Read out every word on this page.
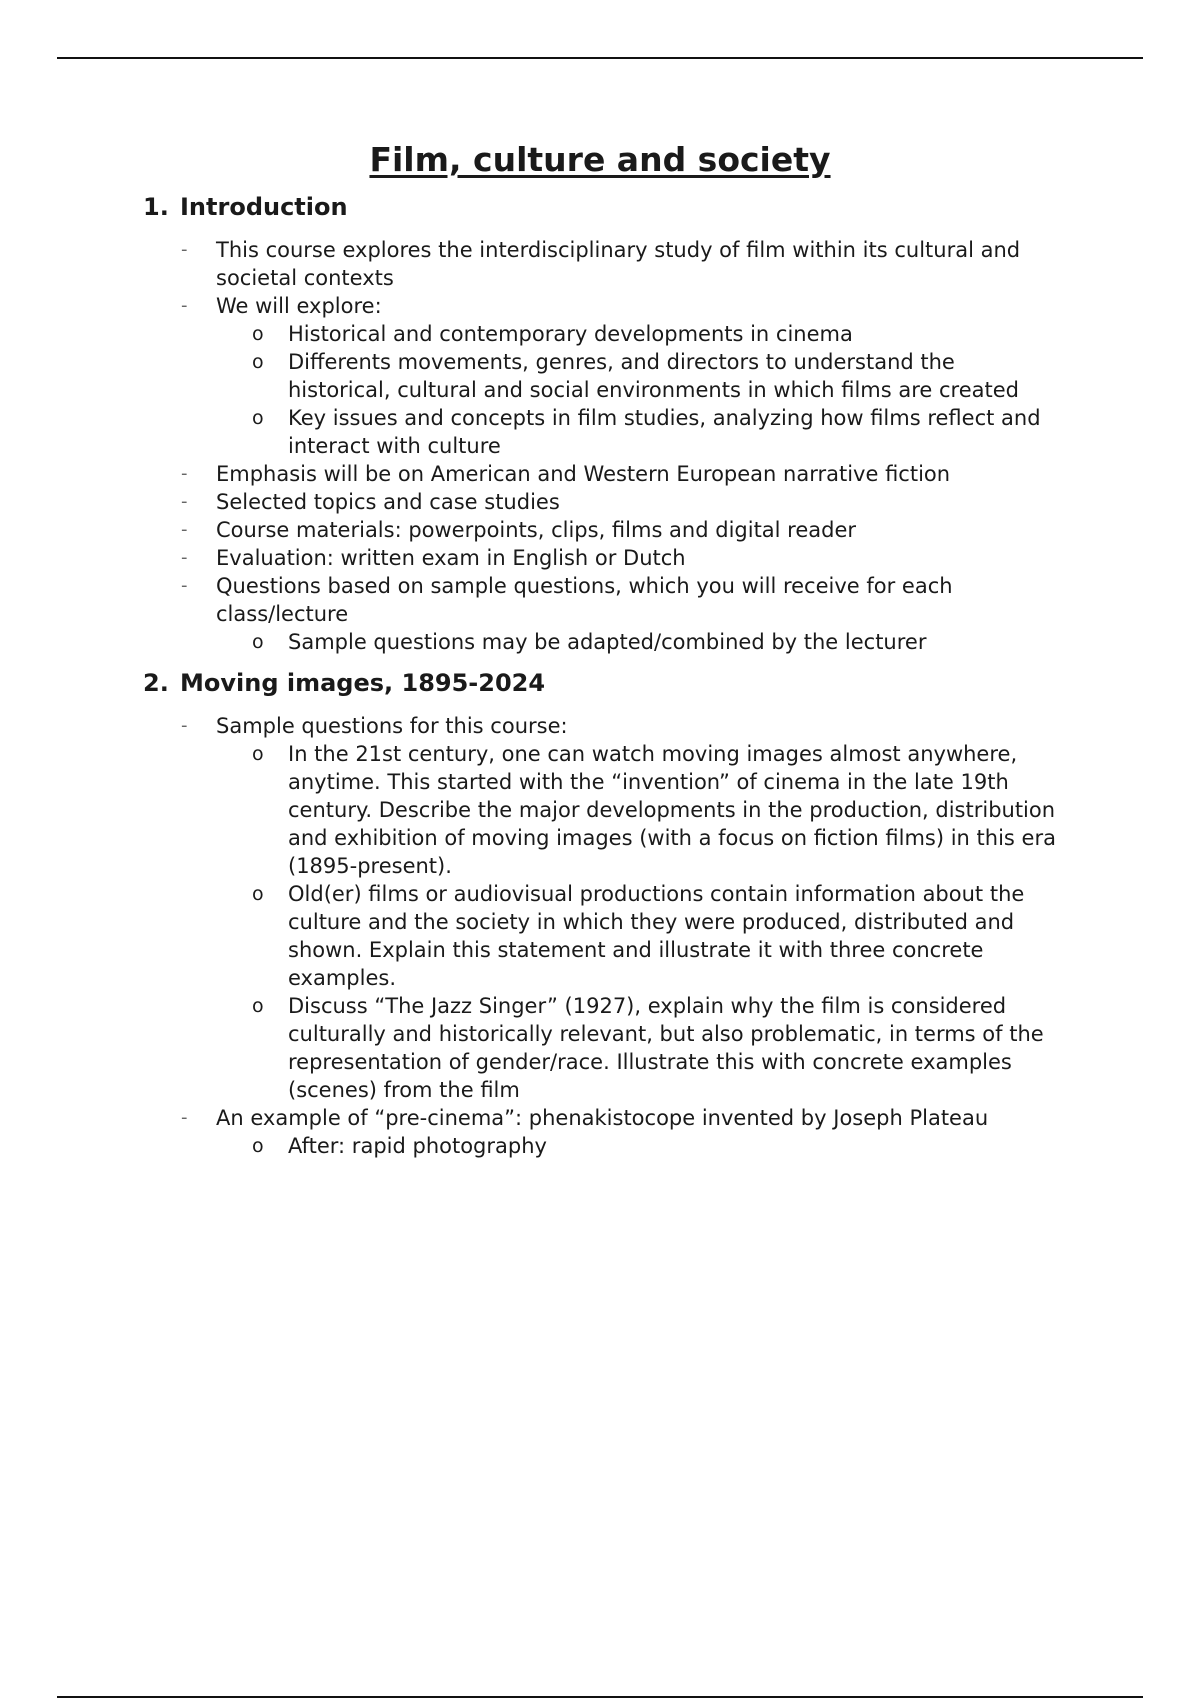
Film, culture and society
1. Introduction
- This course explores the interdisciplinary study of film within its cultural and societal contexts
- We will explore:
o Historical and contemporary developments in cinema
o Differents movements, genres, and directors to understand the historical, cultural and social environments in which films are created
o Key issues and concepts in film studies, analyzing how films reflect and interact with culture
- Emphasis will be on American and Western European narrative fiction
- Selected topics and case studies
- Course materials: powerpoints, clips, films and digital reader
- Evaluation: written exam in English or Dutch
- Questions based on sample questions, which you will receive for each class/lecture
o Sample questions may be adapted/combined by the lecturer
2. Moving images, 1895-2024
- Sample questions for this course:
o In the 21st century, one can watch moving images almost anywhere, anytime. This started with the “invention” of cinema in the late 19th century. Describe the major developments in the production, distribution and exhibition of moving images (with a focus on fiction films) in this era (1895-present).
o Old(er) films or audiovisual productions contain information about the culture and the society in which they were produced, distributed and shown. Explain this statement and illustrate it with three concrete examples.
o Discuss “The Jazz Singer” (1927), explain why the film is considered culturally and historically relevant, but also problematic, in terms of the representation of gender/race. Illustrate this with concrete examples (scenes) from the film
- An example of “pre-cinema”: phenakistocope invented by Joseph Plateau
o After: rapid photography
